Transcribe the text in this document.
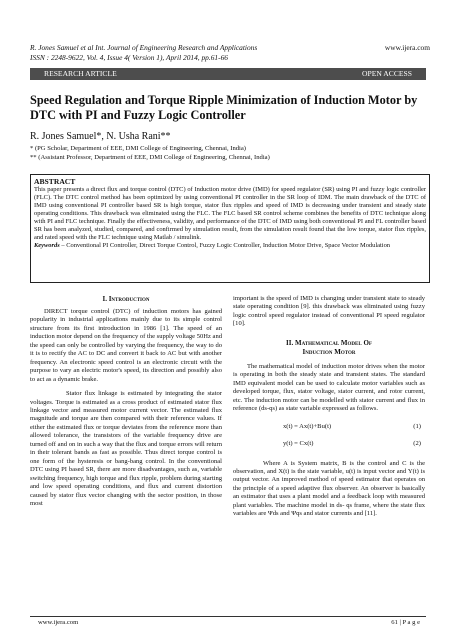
R. Jones Samuel et al Int. Journal of Engineering Research and Applications
ISSN : 2248-9622, Vol. 4, Issue 4( Version 1), April 2014, pp.61-66
www.ijera.com
RESEARCH ARTICLE	OPEN ACCESS
Speed Regulation and Torque Ripple Minimization of Induction Motor by DTC with PI and Fuzzy Logic Controller
R. Jones Samuel*, N. Usha Rani**
* (PG Scholar, Department of EEE, DMI College of Engineering, Chennai, India)
** (Assistant Professor, Department of EEE, DMI College of Engineering, Chennai, India)
ABSTRACT
This paper presents a direct flux and torque control (DTC) of Induction motor drive (IMD) for speed regulator (SR) using PI and fuzzy logic controller (FLC). The DTC control method has been optimized by using conventional PI controller in the SR loop of IDM. The main drawback of the DTC of IMD using conventional PI controller based SR is high torque, stator flux ripples and speed of IMD is decreasing under transient and steady state operating conditions. This drawback was eliminated using the FLC. The FLC based SR control scheme combines the benefits of DTC technique along with PI and FLC technique. Finally the effectiveness, validity, and performance of the DTC of IMD using both conventional PI and FL controller based SR has been analyzed, studied, compared, and confirmed by simulation result, from the simulation result found that the low torque, stator flux ripples, and rated speed with the FLC technique using Matlab / simulink.
Keywords – Conventional PI Controller, Direct Torque Control, Fuzzy Logic Controller, Induction Motor Drive, Space Vector Modulation
I. Introduction

DIRECT torque control (DTC) of induction motors has gained popularity in industrial applications mainly due to its simple control structure from its first introduction in 1986 [1]. The speed of an induction motor depend on the frequency of the supply voltage 50Hz and the speed can only be controlled by varying the frequency, the way to do it is to rectify the AC to DC and convert it back to AC but with another frequency. An electronic speed control is an electronic circuit with the purpose to vary an electric motor's speed, its direction and possibly also to act as a dynamic brake.

Stator flux linkage is estimated by integrating the stator voltages. Torque is estimated as a cross product of estimated stator flux linkage vector and measured motor current vector. The estimated flux magnitude and torque are then compared with their reference values. If either the estimated flux or torque deviates from the reference more than allowed tolerance, the transistors of the variable frequency drive are turned off and on in such a way that the flux and torque errors will return in their tolerant bands as fast as possible. Thus direct torque control is one form of the hysteresis or bang-bang control. In the conventional DTC using PI based SR, there are more disadvantages, such as, variable switching frequency, high torque and flux ripple, problem during starting and low speed operating conditions, and flux and current distortion caused by stator flux vector changing with the sector position, in those most

important is the speed of IMD is changing under transient state to steady state operating condition [9]. this drawback was eliminated using fuzzy logic control speed regulator instead of conventional PI speed regulator [10].

II. Mathematical Model Of
Induction Motor

The mathematical model of induction motor drives when the motor is operating in both the steady state and transient states. The standard IMD equivalent model can be used to calculate motor variables such as developed torque, flux, stator voltage, stator current, and rotor current, etc. The induction motor can be modelled with stator current and flux in reference (ds-qs) as state variable expressed as follows.

x(t) = Ax(t)+Bu(t)	(1)
y(t) = Cx(t)	(2)

Where A is System matrix, B is the control and C is the observation, and X(t) is the state variable, u(t) is input vector and Y(t) is output vector. An improved method of speed estimator that operates on the principle of a speed adaptive flux observer. An observer is basically an estimator that uses a plant model and a feedback loop with measured plant variables. The machine model in ds- qs frame, where the state flux variables are Ψds and Ψqs and stator currents and [11].

www.ijera.com	61 | P a g e
